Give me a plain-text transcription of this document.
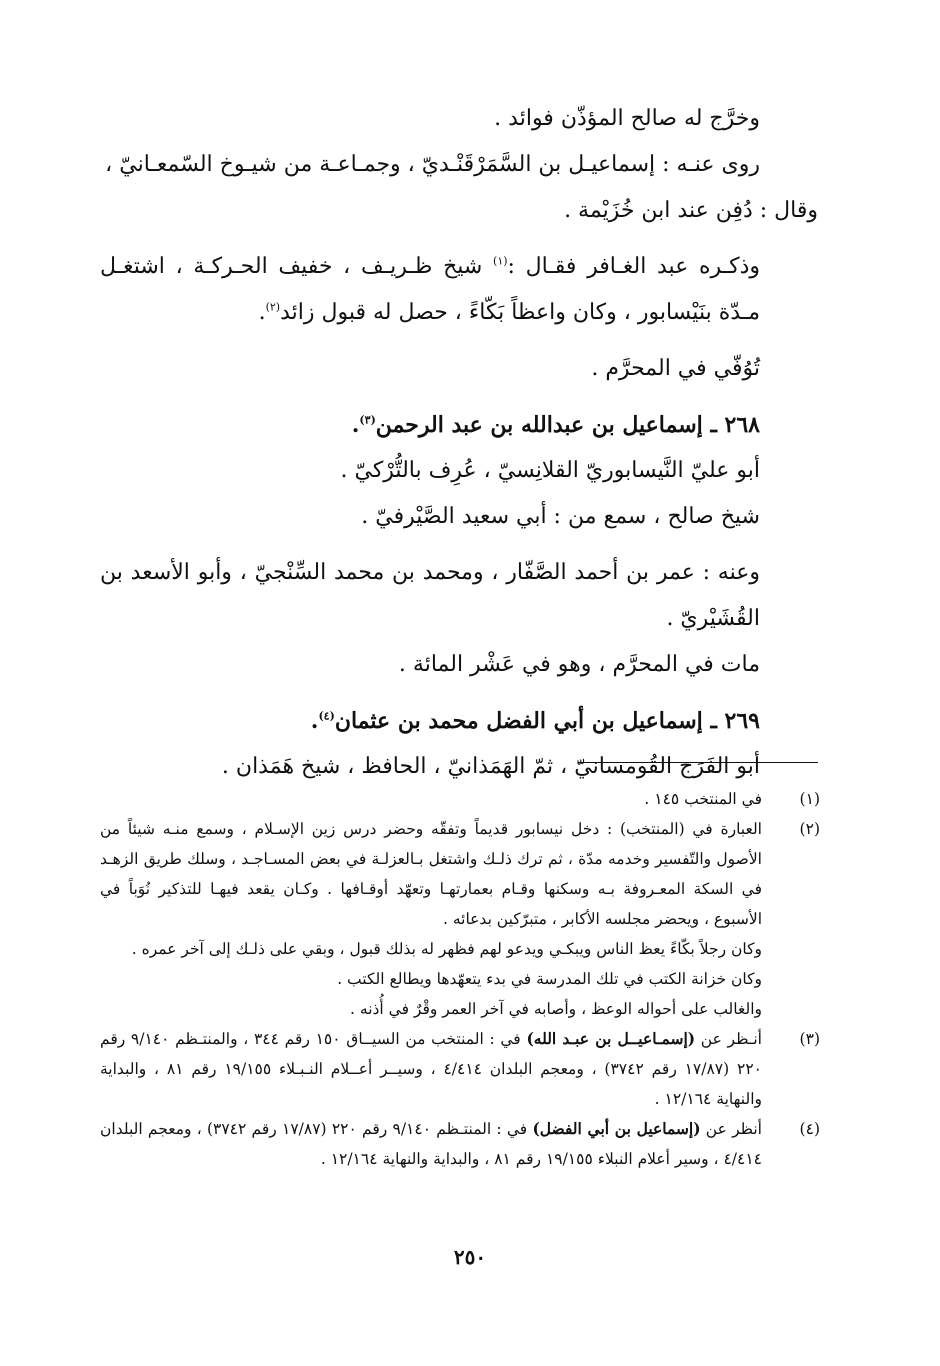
وخرَّج له صالح المؤذّن فوائد .

روى عنـه : إسماعيـل بن السَّمَرْقَنْـديّ ، وجمـاعـة من شيـوخ السّمعـانيّ ،

وقال : دُفِن عند ابن خُزَيْمة .

وذكـره عبد الغـافر فقـال :$^{(١)}$ شيخ ظـريـف ، خفيف الحـركـة ، اشتغـل مـدّة بنَيْسابور ، وكان واعظاً بَكّاءً ، حصل له قبول زائد$^{(٢)}$.

تُوُفّي في المحرَّم .

٢٦٨ ـ إسماعيل بن عبدالله بن عبد الرحمن$^{(٣)}$.

أبو عليّ النَّيسابوريّ القلانِسيّ ، عُرِف بالتُّرْكيّ .

شيخ صالح ، سمع من : أبي سعيد الصَّيْرفيّ .

وعنه : عمر بن أحمد الصَّفّار ، ومحمد بن محمد السِّنْجيّ ، وأبو الأسعد بن القُشَيْريّ .

مات في المحرَّم ، وهو في عَشْر المائة .

٢٦٩ ـ إسماعيل بن أبي الفضل محمد بن عثمان$^{(٤)}$.

أبو الفَرَج القُومسانيّ ، ثمّ الهَمَذانيّ ، الحافظ ، شيخ هَمَذان .

(١)

في المنتخب ١٤٥ .

(٢)

العبارة في (المنتخب) : دخل نيسابور قديماً وتفقّه وحضر درس زين الإسـلام ، وسمع منـه شيئاً من الأصول والتّفسير وخدمه مدّة ، ثم ترك ذلـك واشتغل بـالعزلـة في بعض المسـاجـد ، وسلك طريق الزهـد في السكة المعـروفة بـه وسكنها وقـام بعمارتهـا وتعهّد أوقـافها . وكـان يقعد فيهـا للتذكير نُوَباً في الأسبوع ، ويحضر مجلسه الأكابر ، متبرّكين بدعائه .

وكان رجلاً بكّاءً يعظ الناس ويبكـي ويدعو لهم فظهر له بذلك قبول ، وبقي على ذلـك إلى آخر عمره .

وكان خزانة الكتب في تلك المدرسة في بدء يتعهّدها ويطالع الكتب .

والغالب على أحواله الوعظ ، وأصابه في آخر العمر وقْرٌ في أُذنه .

(٣)

أنـظر عن (إسمـاعيــل بن عبـد الله) في : المنتخب من السيــاق ١٥٠ رقم ٣٤٤ ، والمنتـظم ٩/١٤٠ رقم ٢٢٠ (١٧/٨٧ رقم ٣٧٤٢) ، ومعجم البلدان ٤/٤١٤ ، وسيــر أعــلام النـبـلاء ١٩/١٥٥ رقم ٨١ ، والبداية والنهاية ١٢/١٦٤ .

(٤)

أنظر عن (إسماعيل بن أبي الفضل) في : المنتـظم ٩/١٤٠ رقم ٢٢٠ (١٧/٨٧ رقم ٣٧٤٢) ، ومعجم البلدان ٤/٤١٤ ، وسير أعلام النبلاء ١٩/١٥٥ رقم ٨١ ، والبداية والنهاية ١٢/١٦٤ .

٢٥٠
